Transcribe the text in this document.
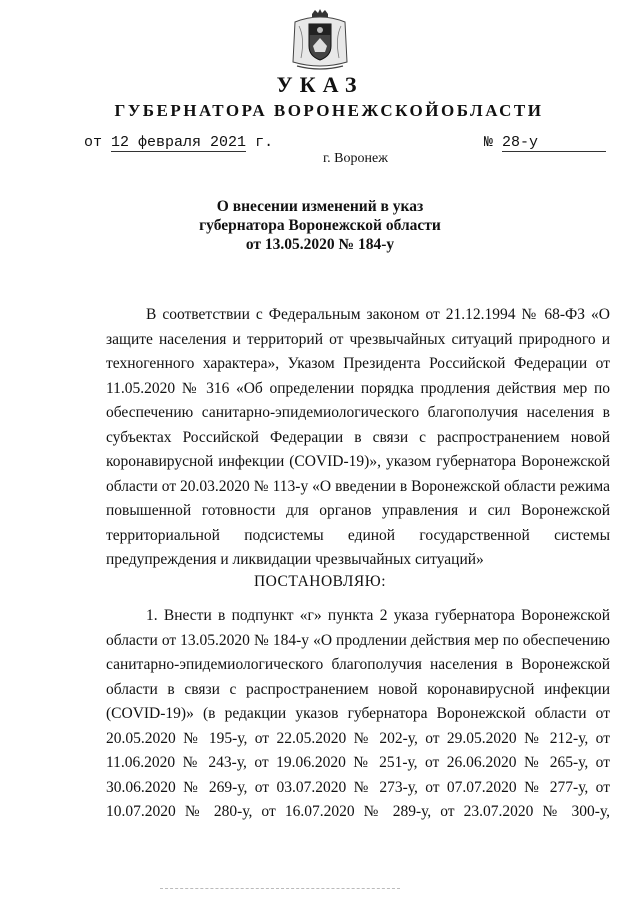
УКАЗ
ГУБЕРНАТОРА ВОРОНЕЖСКОЙОБЛАСТИ
от 12 февраля 2021 г.	№ 28-у
г. Воронеж
О внесении изменений в указ
губернатора Воронежской области
от 13.05.2020 № 184-у
В соответствии с Федеральным законом от 21.12.1994 № 68-ФЗ «О
защите населения и территорий от чрезвычайных ситуаций природного и
техногенного характера», Указом Президента Российской Федерации от
11.05.2020 № 316 «Об определении порядка продления действия мер по
обеспечению санитарно-эпидемиологического благополучия населения в
субъектах Российской Федерации в связи с распространением новой
коронавирусной инфекции (COVID-19)», указом губернатора Воронежской
области от 20.03.2020 № 113-у «О введении в Воронежской области режима
повышенной готовности для органов управления и сил Воронежской
территориальной подсистемы единой государственной системы
предупреждения и ликвидации чрезвычайных ситуаций»
ПОСТАНОВЛЯЮ:
1. Внести в подпункт «г» пункта 2 указа губернатора Воронежской
области от 13.05.2020 № 184-у «О продлении действия мер по обеспечению
санитарно-эпидемиологического благополучия населения в Воронежской
области в связи с распространением новой коронавирусной инфекции
(COVID-19)» (в редакции указов губернатора Воронежской области от
20.05.2020 № 195-у, от 22.05.2020 № 202-у, от 29.05.2020 № 212-у, от
11.06.2020 № 243-у, от 19.06.2020 № 251-у, от 26.06.2020 № 265-у, от
30.06.2020 № 269-у, от 03.07.2020 № 273-у, от 07.07.2020 № 277-у, от
10.07.2020 № 280-у, от 16.07.2020 № 289-у, от 23.07.2020 № 300-у,
